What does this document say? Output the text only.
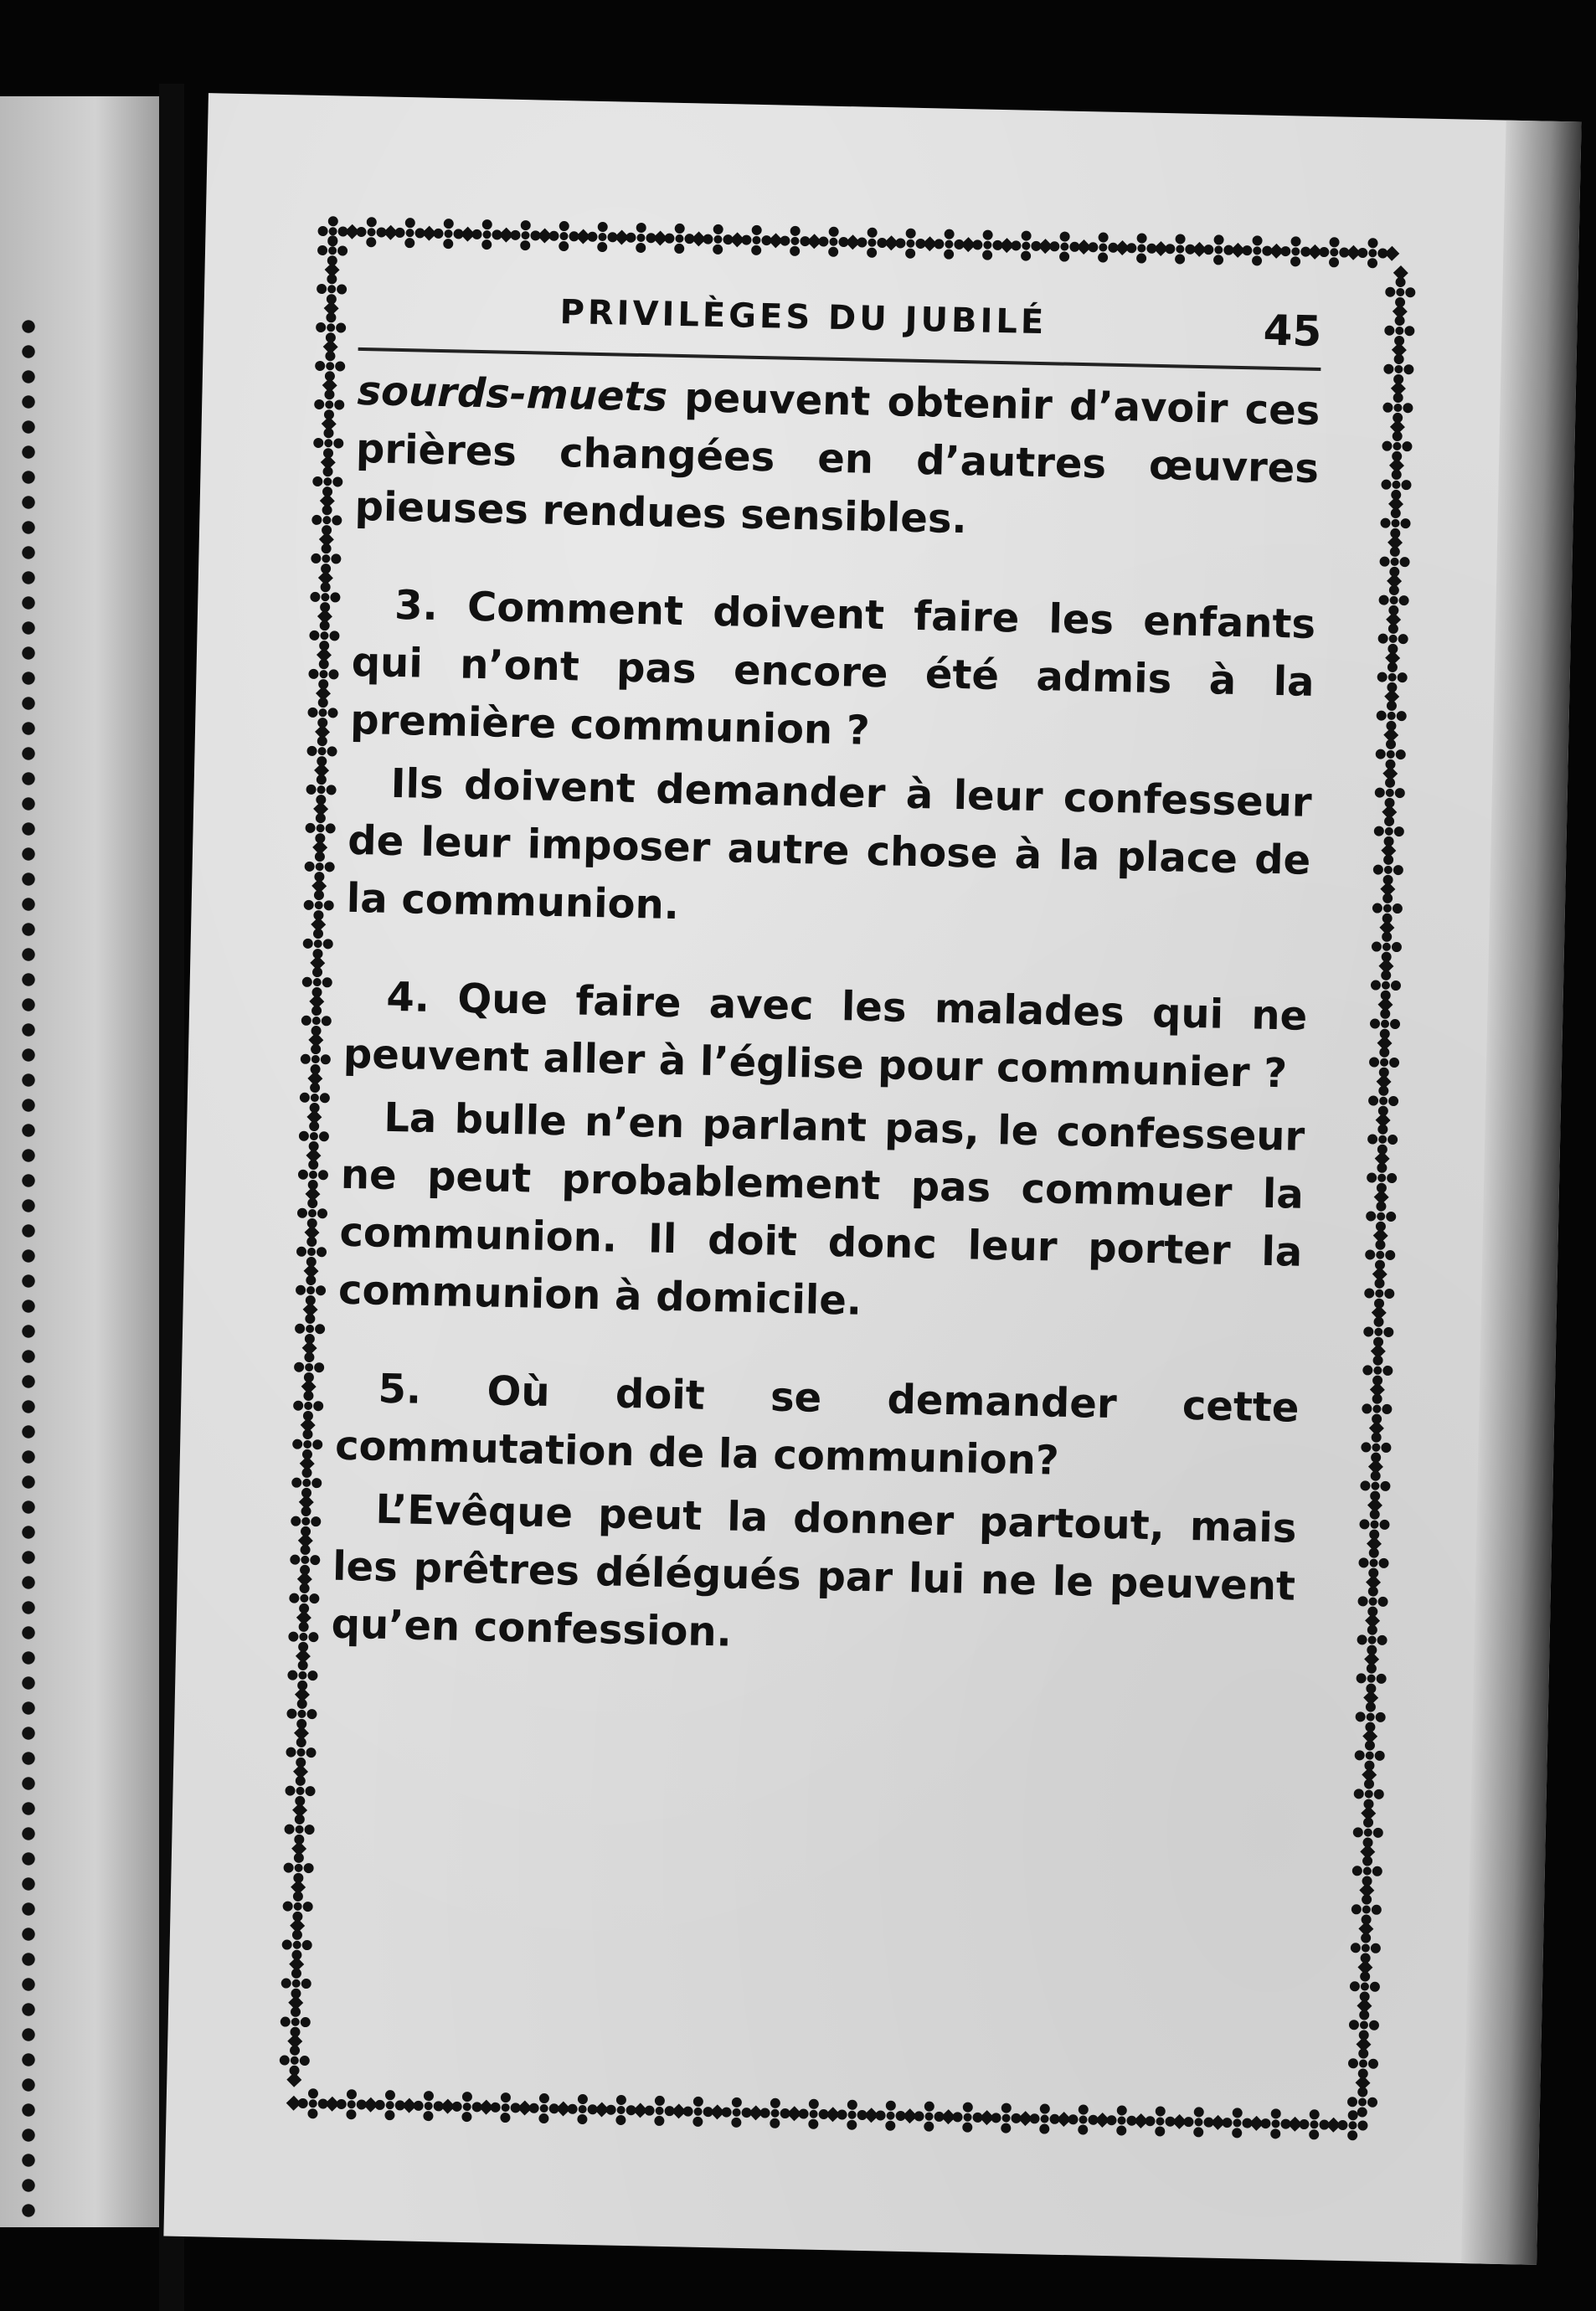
PRIVILÈGES DU JUBILÉ	45

sourds-muets peuvent obtenir d’avoir ces prières changées en d’autres œuvres pieuses rendues sensibles.

3. Comment doivent faire les enfants qui n’ont pas encore été admis à la première communion ?

Ils doivent demander à leur confesseur de leur imposer autre chose à la place de la communion.

4. Que faire avec les malades qui ne peuvent aller à l’église pour communier ?

La bulle n’en parlant pas, le confesseur ne peut probablement pas commuer la communion. Il doit donc leur porter la communion à domicile.

5. Où doit se demander cette commutation de la communion?

L’Evêque peut la donner partout, mais les prêtres délégués par lui ne le peuvent qu’en confession.
